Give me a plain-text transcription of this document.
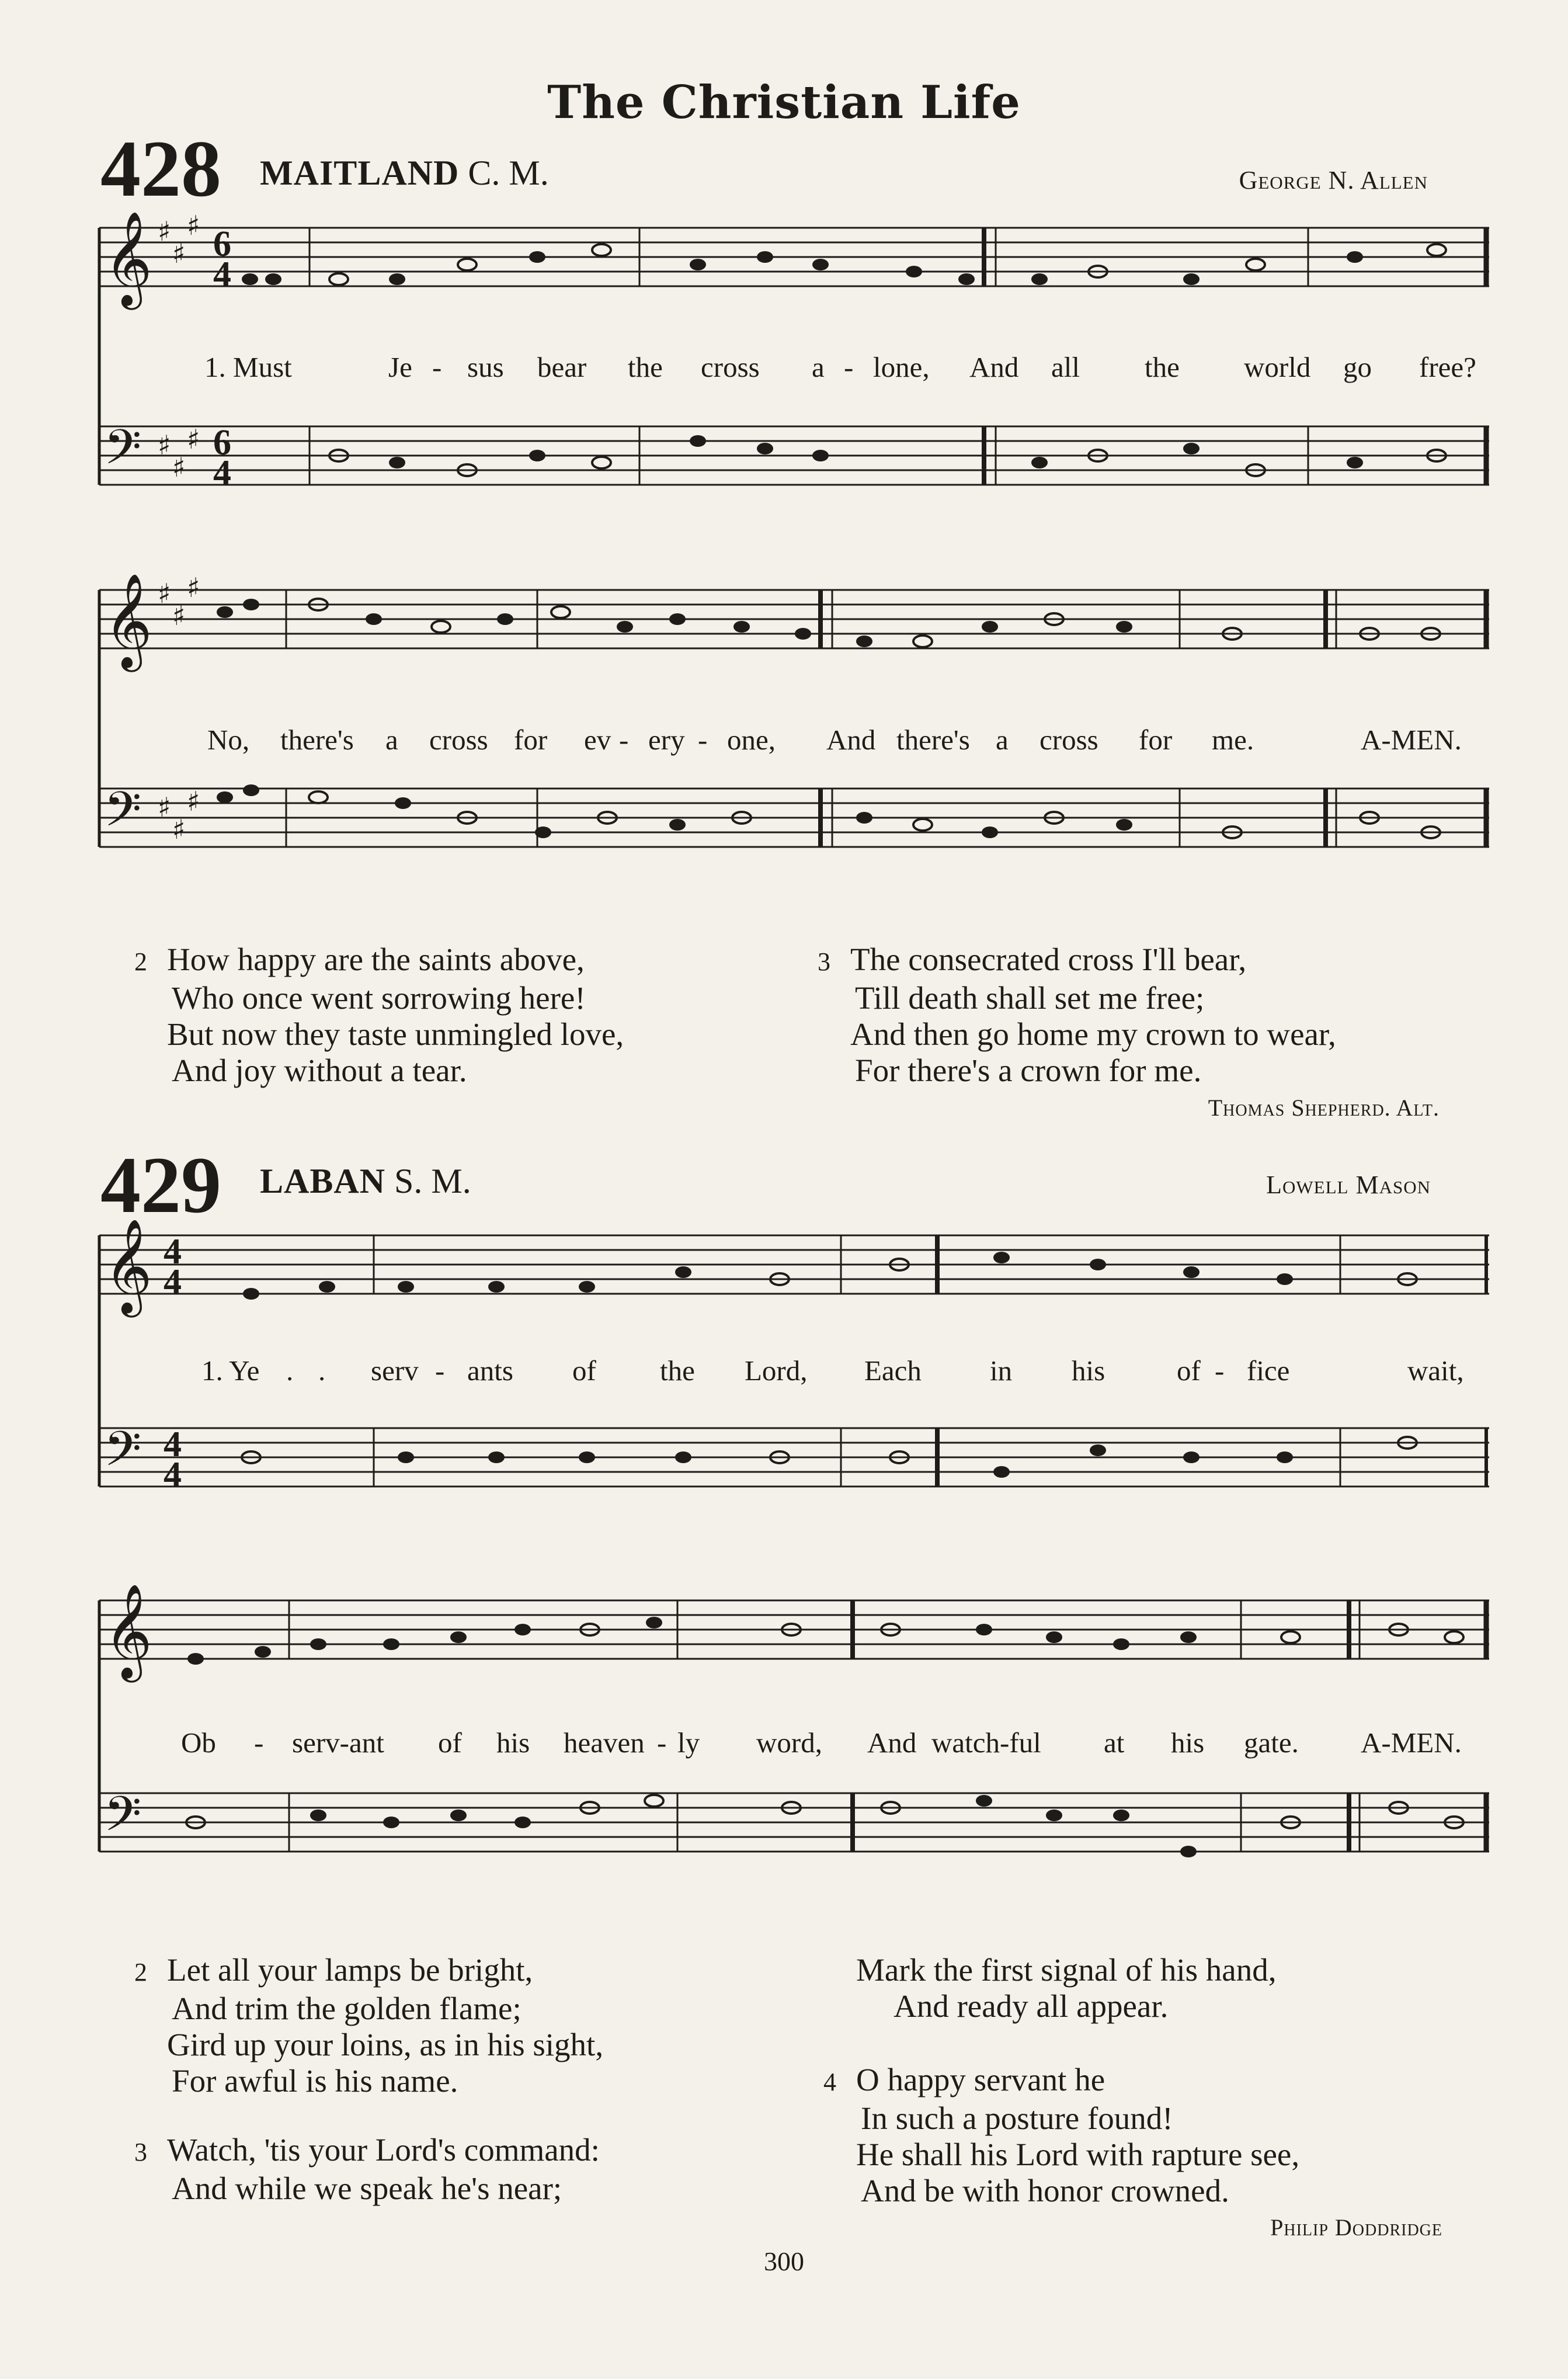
The Christian Life
428 MAITLAND C. M.	George N. Allen
𝄞
𝄢
♯
♯
♯
♯
♯
♯
6
4
6
4
1. Must	Je - sus bear the cross a - lone, And all the world go free?
𝄞
𝄢
♯
♯
♯
♯
♯
♯
No, there's a cross for ev - ery - one, And there's a cross for me.	A-MEN.
2 How happy are the saints above,
Who once went sorrowing here!
But now they taste unmingled love,
And joy without a tear.
3 The consecrated cross I'll bear,
Till death shall set me free;
And then go home my crown to wear,
For there's a crown for me.
Thomas Shepherd. Alt.
429 LABAN S. M.	Lowell Mason
𝄞
𝄢
4
4
4
4
1. Ye . . serv - ants of the Lord, Each in his	of - fice	wait,
𝄞
𝄢
Ob - serv-ant of his heaven - ly word, And watch-ful at his gate. A-MEN.
2 Let all your lamps be bright,
And trim the golden flame;
Gird up your loins, as in his sight,
For awful is his name.
3 Watch, 'tis your Lord's command:
And while we speak he's near;
Mark the first signal of his hand,
And ready all appear.
4 O happy servant he
In such a posture found!
He shall his Lord with rapture see,
And be with honor crowned.
Philip Doddridge
300
